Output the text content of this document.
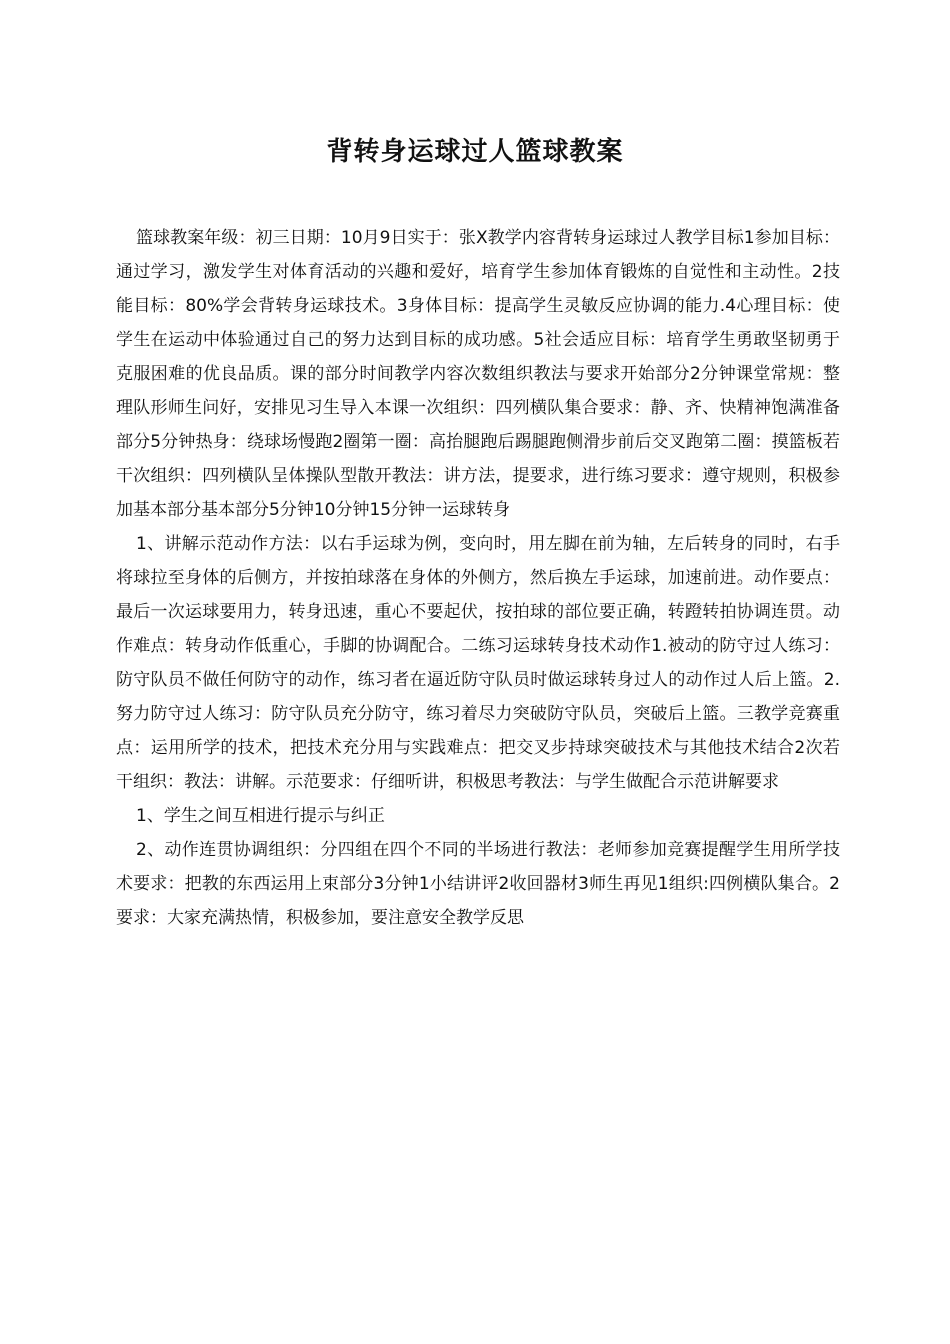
背转身运球过人篮球教案

篮球教案年级：初三日期：10月9日实于：张X教学内容背转身运球过人教学目标1参加目标：通过学习，激发学生对体育活动的兴趣和爱好，培育学生参加体育锻炼的自觉性和主动性。2技能目标：80%学会背转身运球技术。3身体目标：提高学生灵敏反应协调的能力.4心理目标：使学生在运动中体验通过自己的努力达到目标的成功感。5社会适应目标：培育学生勇敢坚韧勇于克服困难的优良品质。课的部分时间教学内容次数组织教法与要求开始部分2分钟课堂常规：整理队形师生问好，安排见习生导入本课一次组织：四列横队集合要求：静、齐、快精神饱满准备部分5分钟热身：绕球场慢跑2圈第一圈：高抬腿跑后踢腿跑侧滑步前后交叉跑第二圈：摸篮板若干次组织：四列横队呈体操队型散开教法：讲方法，提要求，进行练习要求：遵守规则，积极参加基本部分基本部分5分钟10分钟15分钟一运球转身

1、讲解示范动作方法：以右手运球为例，变向时，用左脚在前为轴，左后转身的同时，右手将球拉至身体的后侧方，并按拍球落在身体的外侧方，然后换左手运球，加速前进。动作要点：最后一次运球要用力，转身迅速，重心不要起伏，按拍球的部位要正确，转蹬转拍协调连贯。动作难点：转身动作低重心，手脚的协调配合。二练习运球转身技术动作1.被动的防守过人练习：防守队员不做任何防守的动作，练习者在逼近防守队员时做运球转身过人的动作过人后上篮。2.努力防守过人练习：防守队员充分防守，练习着尽力突破防守队员，突破后上篮。三教学竞赛重点：运用所学的技术，把技术充分用与实践难点：把交叉步持球突破技术与其他技术结合2次若干组织：教法：讲解。示范要求：仔细听讲，积极思考教法：与学生做配合示范讲解要求

1、学生之间互相进行提示与纠正

2、动作连贯协调组织：分四组在四个不同的半场进行教法：老师参加竞赛提醒学生用所学技术要求：把教的东西运用上束部分3分钟1小结讲评2收回器材3师生再见1组织:四例横队集合。2要求：大家充满热情，积极参加，要注意安全教学反思
